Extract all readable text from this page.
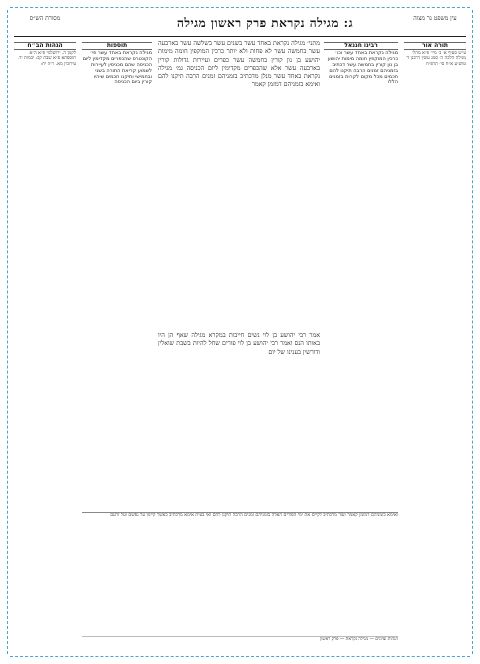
עין משפט נר מצוה
ג: מגילה נקראת פרק ראשון מגילה
מסורת הש״ס
תורה אור
ע״ש סעיף א׳ ב׳ מיי׳ פ״א מהל׳ מגילה הלכה ה׳ סמג עשין דרבנן ד׳ טוש״ע א״ח סי׳ תרפ״ח
רבינו חננאל
מגילה נקראת באחד עשר וכו׳ כרכין המוקפין חומה מימות יהושע בן נון קורין בחמשה עשר דכתיב בזמניהם זמנים הרבה תיקנו להם חכמים מכל מקום לקרות בזמנים הללו
מתני׳ מגילה נקראת באחד עשר בשנים עשר בשלשה עשר בארבעה עשר בחמשה עשר לא פחות ולא יותר כרכין המוקפין חומה מימות יהושע בן נון קורין בחמשה עשר כפרים ועיירות גדולות קורין בארבעה עשר אלא שהכפרים מקדימין ליום הכניסה גמ׳ מגילה נקראת באחד עשר מנלן מדכתיב בזמניהם זמנים הרבה תיקנו להם ואימא בזמניהם דמזמן קאמר
אמר רבי יהושע בן לוי נשים חייבות במקרא מגילה שאף הן היו באותו הנס ואמר רבי יהושע בן לוי פורים שחל להיות בשבת שואלין ודורשין בענינו של יום
תוספות
מגילה נקראת באחד עשר פי׳ הקונטרס שהכפרים מקדימין ליום הכניסה שהם מכניסין לעיירות לשמוע קריאת התורה בשני ובחמישי ותיקנו חכמים שיהיו קורין ביום הכניסה
הגהות הב״ח
לקמן ה. ירושלמי פ״א ה״א תוספתא פ״א שבת קכ: יבמות יד. עירובין מא. ר״ה יח:
ואימא בזמניהם דמזמן קאמר ועוד מדכתיב לקיים את ימי הפורים האלה בזמניהם זמנים הרבה תיקנו להם ואי בעית אימא מדכתיב כאשר קיימו על נפשם ועל זרעם
הגהות וציונים — מגילה נקראת — פרק ראשון
